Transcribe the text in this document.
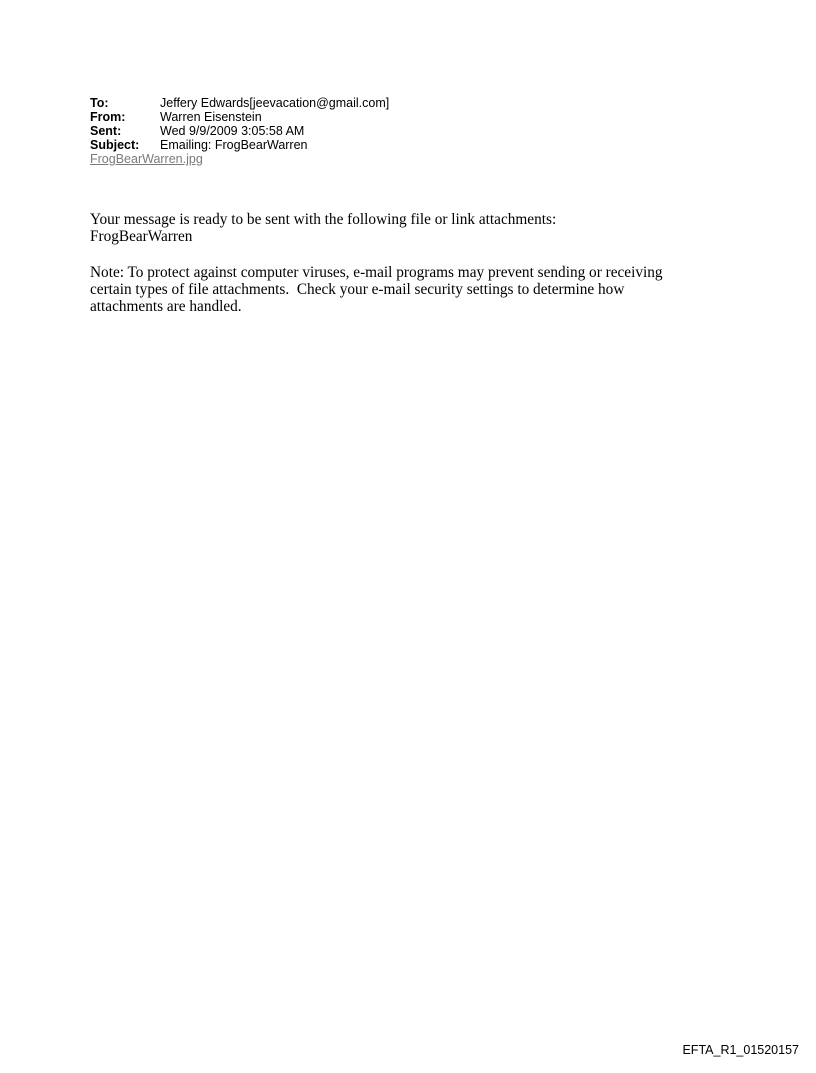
To:	Jeffery Edwards[jeevacation@gmail.com]
From:	Warren Eisenstein
Sent:	Wed 9/9/2009 3:05:58 AM
Subject:	Emailing: FrogBearWarren
FrogBearWarren.jpg
Your message is ready to be sent with the following file or link attachments:
FrogBearWarren
Note: To protect against computer viruses, e-mail programs may prevent sending or receiving
certain types of file attachments.  Check your e-mail security settings to determine how
attachments are handled.
EFTA_R1_01520157
